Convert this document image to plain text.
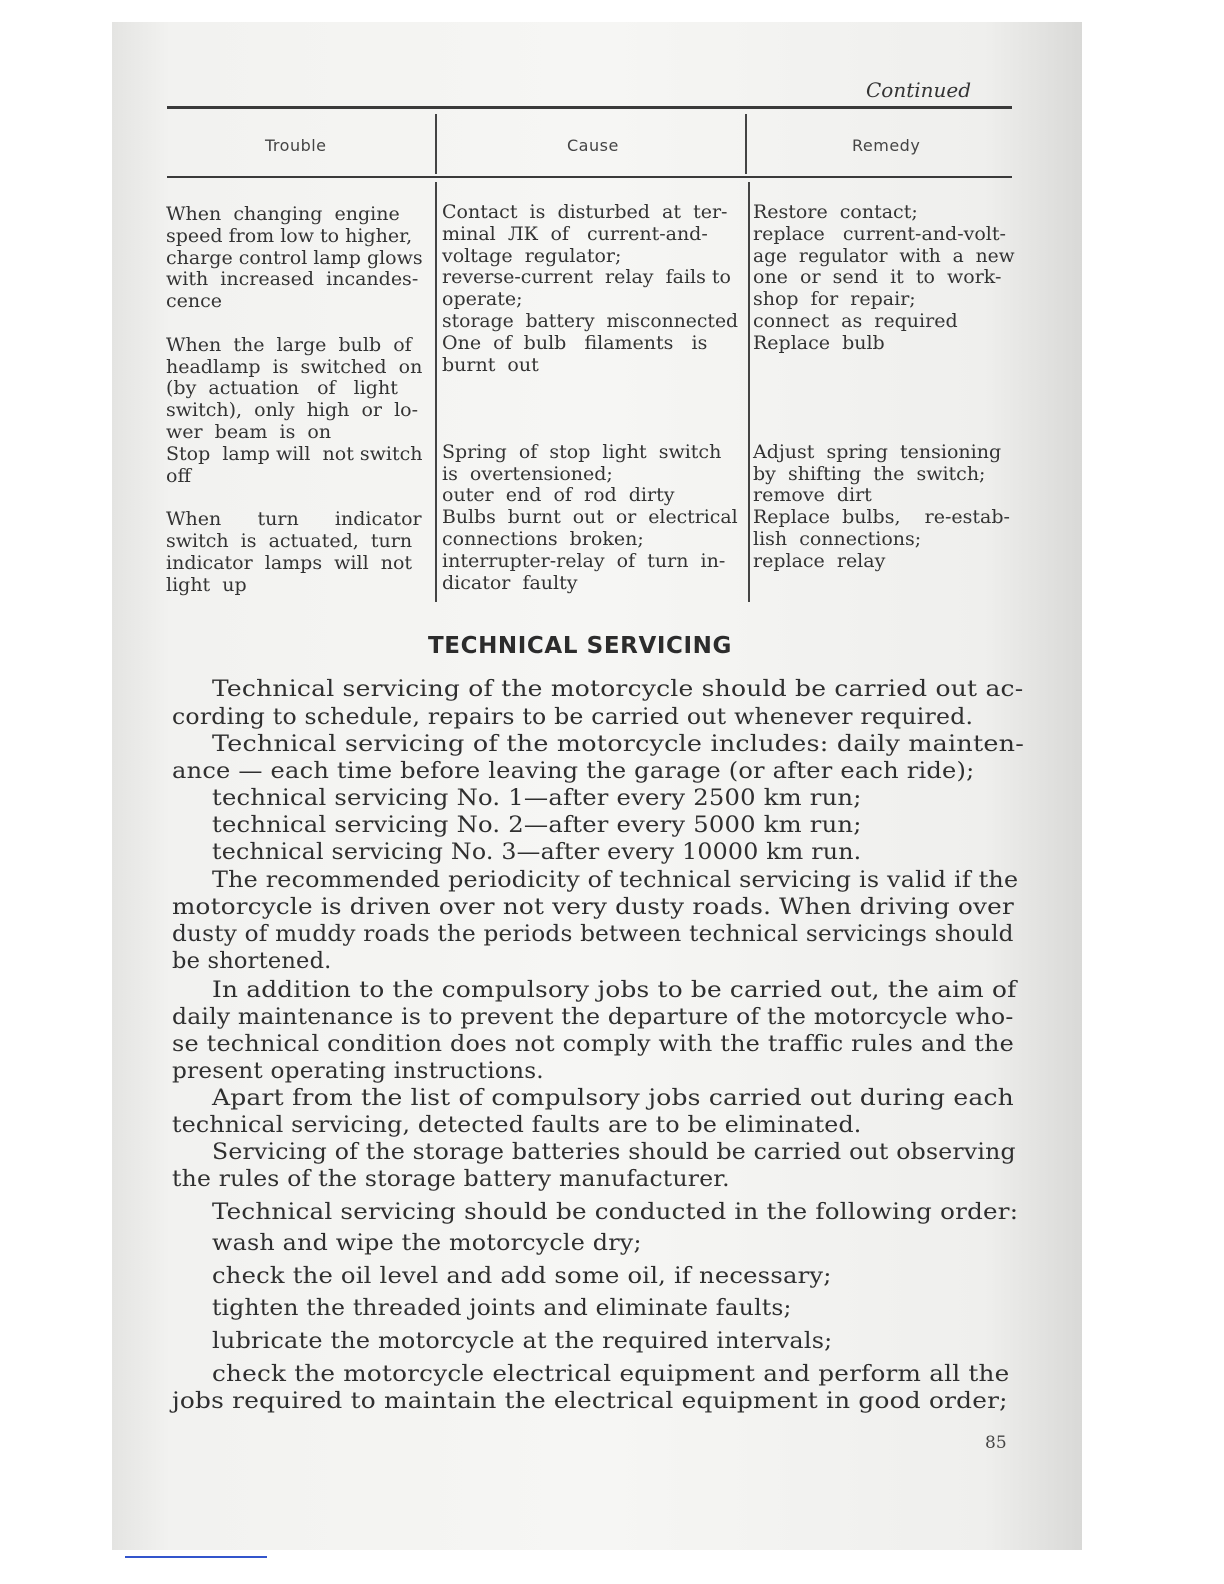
Continued
Trouble	Cause	Remedy
When  changing  engine
speed from low to higher,
charge control lamp glows
with  increased  incandes-
cence

When  the  large  bulb  of
headlamp  is  switched  on
(by  actuation   of   light
switch),  only  high  or  lo-
wer  beam  is  on
Stop  lamp will  not switch
off

When      turn      indicator
switch  is  actuated,  turn
indicator  lamps  will  not
light  up
Contact  is  disturbed  at  ter-
minal  ЛК  of   current-and-
voltage  regulator;
reverse-current  relay  fails to
operate;
storage  battery  misconnected
One  of  bulb   filaments   is
burnt  out

Spring  of  stop  light  switch
is  overtensioned;
outer  end  of  rod  dirty
Bulbs  burnt  out  or  electrical
connections  broken;
interrupter-relay  of  turn  in-
dicator  faulty
Restore  contact;
replace   current-and-volt-
age  regulator  with  a  new
one  or  send  it  to  work-
shop  for  repair;
connect  as  required
Replace  bulb

Adjust  spring  tensioning
by  shifting  the  switch;
remove  dirt
Replace  bulbs,    re-estab-
lish  connections;
replace  relay
TECHNICAL SERVICING
Technical servicing of the motorcycle should be carried out ac-
cording to schedule, repairs to be carried out whenever required.
Technical servicing of the motorcycle includes: daily mainten-
ance — each time before leaving the garage (or after each ride);
technical servicing No. 1—after every 2500 km run;
technical servicing No. 2—after every 5000 km run;
technical servicing No. 3—after every 10000 km run.
The recommended periodicity of technical servicing is valid if the
motorcycle is driven over not very dusty roads. When driving over
dusty of muddy roads the periods between technical servicings should
be shortened.
In addition to the compulsory jobs to be carried out, the aim of
daily maintenance is to prevent the departure of the motorcycle who-
se technical condition does not comply with the traffic rules and the
present operating instructions.
Apart from the list of compulsory jobs carried out during each
technical servicing, detected faults are to be eliminated.
Servicing of the storage batteries should be carried out observing
the rules of the storage battery manufacturer.
Technical servicing should be conducted in the following order:
wash and wipe the motorcycle dry;
check the oil level and add some oil, if necessary;
tighten the threaded joints and eliminate faults;
lubricate the motorcycle at the required intervals;
check the motorcycle electrical equipment and perform all the
jobs required to maintain the electrical equipment in good order;
85
